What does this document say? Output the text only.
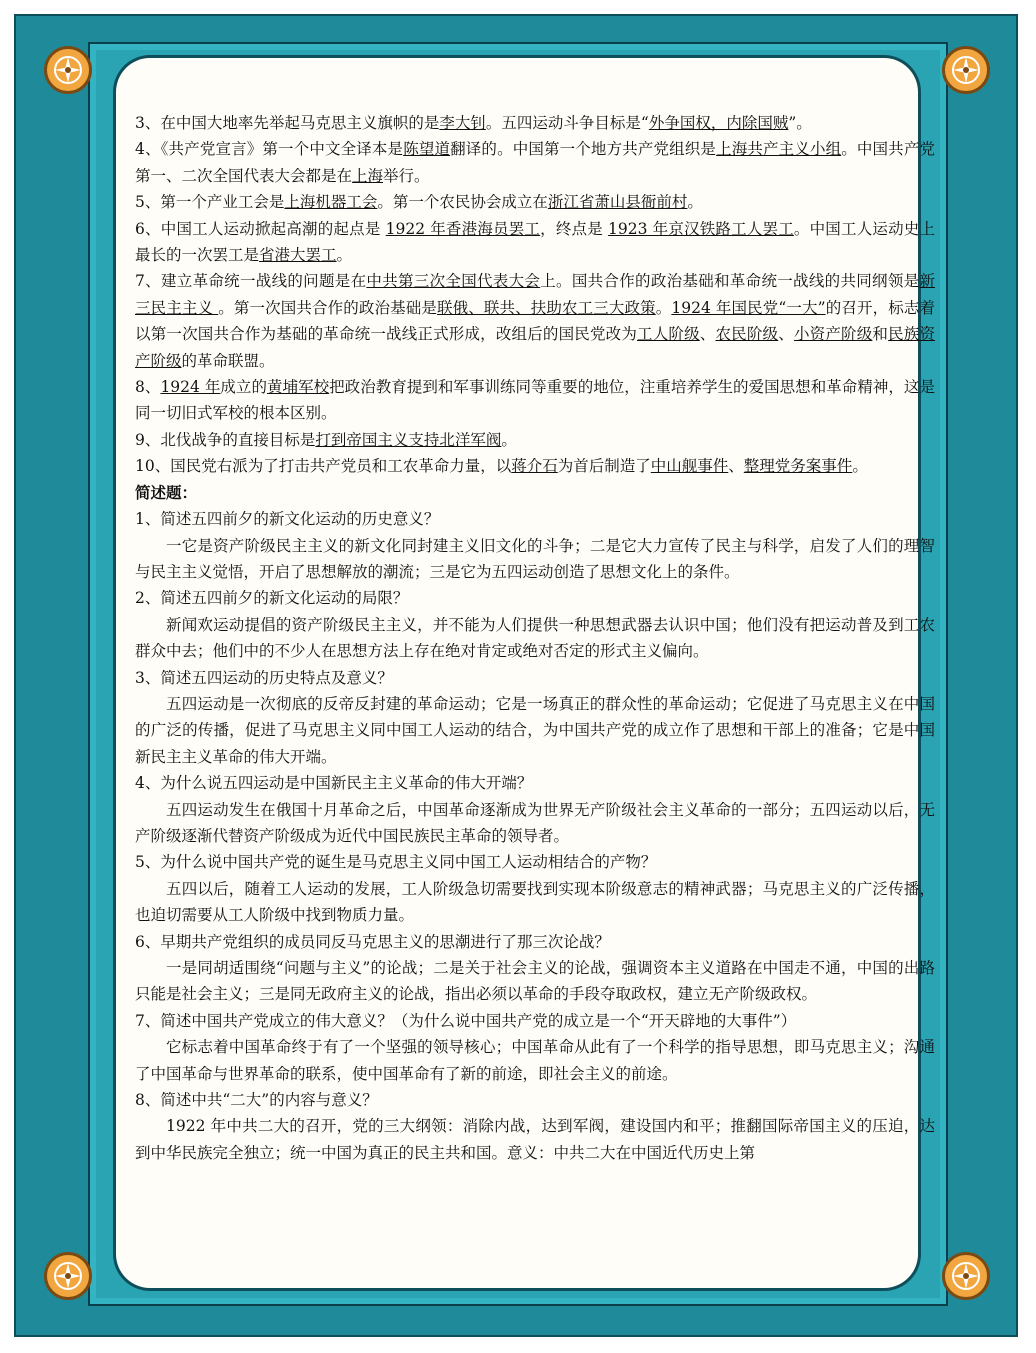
3、在中国大地率先举起马克思主义旗帜的是李大钊。五四运动斗争目标是“外争国权，内除国贼”。

4、《共产党宣言》第一个中文全译本是陈望道翻译的。中国第一个地方共产党组织是上海共产主义小组。中国共产党第一、二次全国代表大会都是在上海举行。

5、第一个产业工会是上海机器工会。第一个农民协会成立在浙江省萧山县衙前村。

6、中国工人运动掀起高潮的起点是 1922 年香港海员罢工，终点是 1923 年京汉铁路工人罢工。中国工人运动史上最长的一次罢工是省港大罢工。

7、建立革命统一战线的问题是在中共第三次全国代表大会上。国共合作的政治基础和革命统一战线的共同纲领是新三民主主义 。第一次国共合作的政治基础是联俄、联共、扶助农工三大政策。1924 年国民党“一大”的召开，标志着以第一次国共合作为基础的革命统一战线正式形成，改组后的国民党改为工人阶级、农民阶级、小资产阶级和民族资产阶级的革命联盟。

8、1924 年成立的黄埔军校把政治教育提到和军事训练同等重要的地位，注重培养学生的爱国思想和革命精神，这是同一切旧式军校的根本区别。

9、北伐战争的直接目标是打到帝国主义支持北洋军阀。

10、国民党右派为了打击共产党员和工农革命力量，以蒋介石为首后制造了中山舰事件、整理党务案事件。

简述题：

1、简述五四前夕的新文化运动的历史意义？

一它是资产阶级民主主义的新文化同封建主义旧文化的斗争；二是它大力宣传了民主与科学，启发了人们的理智与民主主义觉悟，开启了思想解放的潮流；三是它为五四运动创造了思想文化上的条件。

2、简述五四前夕的新文化运动的局限？

新闻欢运动提倡的资产阶级民主主义，并不能为人们提供一种思想武器去认识中国；他们没有把运动普及到工农群众中去；他们中的不少人在思想方法上存在绝对肯定或绝对否定的形式主义偏向。

3、简述五四运动的历史特点及意义？

五四运动是一次彻底的反帝反封建的革命运动；它是一场真正的群众性的革命运动；它促进了马克思主义在中国的广泛的传播，促进了马克思主义同中国工人运动的结合，为中国共产党的成立作了思想和干部上的准备；它是中国新民主主义革命的伟大开端。

4、为什么说五四运动是中国新民主主义革命的伟大开端？

五四运动发生在俄国十月革命之后，中国革命逐渐成为世界无产阶级社会主义革命的一部分；五四运动以后，无产阶级逐渐代替资产阶级成为近代中国民族民主革命的领导者。

5、为什么说中国共产党的诞生是马克思主义同中国工人运动相结合的产物？

五四以后，随着工人运动的发展，工人阶级急切需要找到实现本阶级意志的精神武器；马克思主义的广泛传播，也迫切需要从工人阶级中找到物质力量。

6、早期共产党组织的成员同反马克思主义的思潮进行了那三次论战？

一是同胡适围绕“问题与主义”的论战；二是关于社会主义的论战，强调资本主义道路在中国走不通，中国的出路只能是社会主义；三是同无政府主义的论战，指出必须以革命的手段夺取政权，建立无产阶级政权。

7、简述中国共产党成立的伟大意义？（为什么说中国共产党的成立是一个“开天辟地的大事件”）

它标志着中国革命终于有了一个坚强的领导核心；中国革命从此有了一个科学的指导思想，即马克思主义；沟通了中国革命与世界革命的联系，使中国革命有了新的前途，即社会主义的前途。

8、简述中共“二大”的内容与意义？

1922 年中共二大的召开，党的三大纲领：消除内战，达到军阀，建设国内和平；推翻国际帝国主义的压迫，达到中华民族完全独立；统一中国为真正的民主共和国。意义：中共二大在中国近代历史上第
